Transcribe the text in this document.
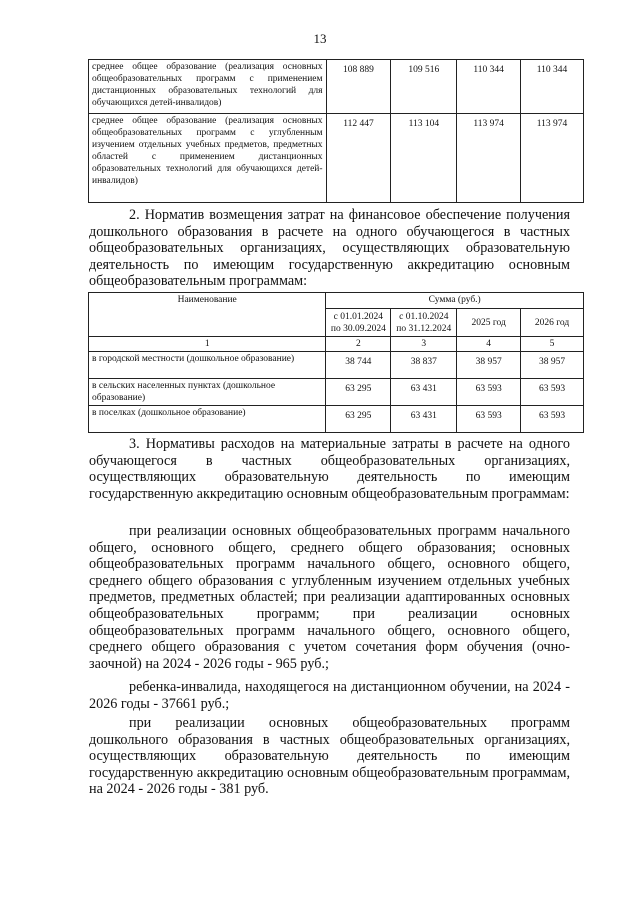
13
среднее общее образование (реализация основных общеобразовательных программ с применением дистанционных образовательных технологий для обучающихся детей-инвалидов)	108 889	109 516	110 344	110 344
среднее общее образование (реализация основных общеобразовательных программ с углубленным изучением отдельных учебных предметов, предметных областей с применением дистанционных образовательных технологий для обучающихся детей-инвалидов)	112 447	113 104	113 974	113 974
2. Норматив возмещения затрат на финансовое обеспечение получения дошкольного образования в расчете на одного обучающегося в частных общеобразовательных организациях, осуществляющих образовательную деятельность по имеющим государственную аккредитацию основным общеобразовательным программам:
Наименование	Сумма (руб.)			
	с 01.01.2024 по 30.09.2024	с 01.10.2024 по 31.12.2024	2025 год	2026 год
1	2	3	4	5
в городской местности (дошкольное образование)	38 744	38 837	38 957	38 957
в сельских населенных пунктах (дошкольное образование)	63 295	63 431	63 593	63 593
в поселках (дошкольное образование)	63 295	63 431	63 593	63 593
3. Нормативы расходов на материальные затраты в расчете на одного обучающегося в частных общеобразовательных организациях, осуществляющих образовательную деятельность по имеющим государственную аккредитацию основным общеобразовательным программам:
при реализации основных общеобразовательных программ начального общего, основного общего, среднего общего образования; основных общеобразовательных программ начального общего, основного общего, среднего общего образования с углубленным изучением отдельных учебных предметов, предметных областей; при реализации адаптированных основных общеобразовательных программ; при реализации основных общеобразовательных программ начального общего, основного общего, среднего общего образования с учетом сочетания форм обучения (очно-заочной) на 2024 - 2026 годы - 965 руб.;
ребенка-инвалида, находящегося на дистанционном обучении, на 2024 - 2026 годы - 37661 руб.;
при реализации основных общеобразовательных программ дошкольного образования в частных общеобразовательных организациях, осуществляющих образовательную деятельность по имеющим государственную аккредитацию основным общеобразовательным программам, на 2024 - 2026 годы - 381 руб.
